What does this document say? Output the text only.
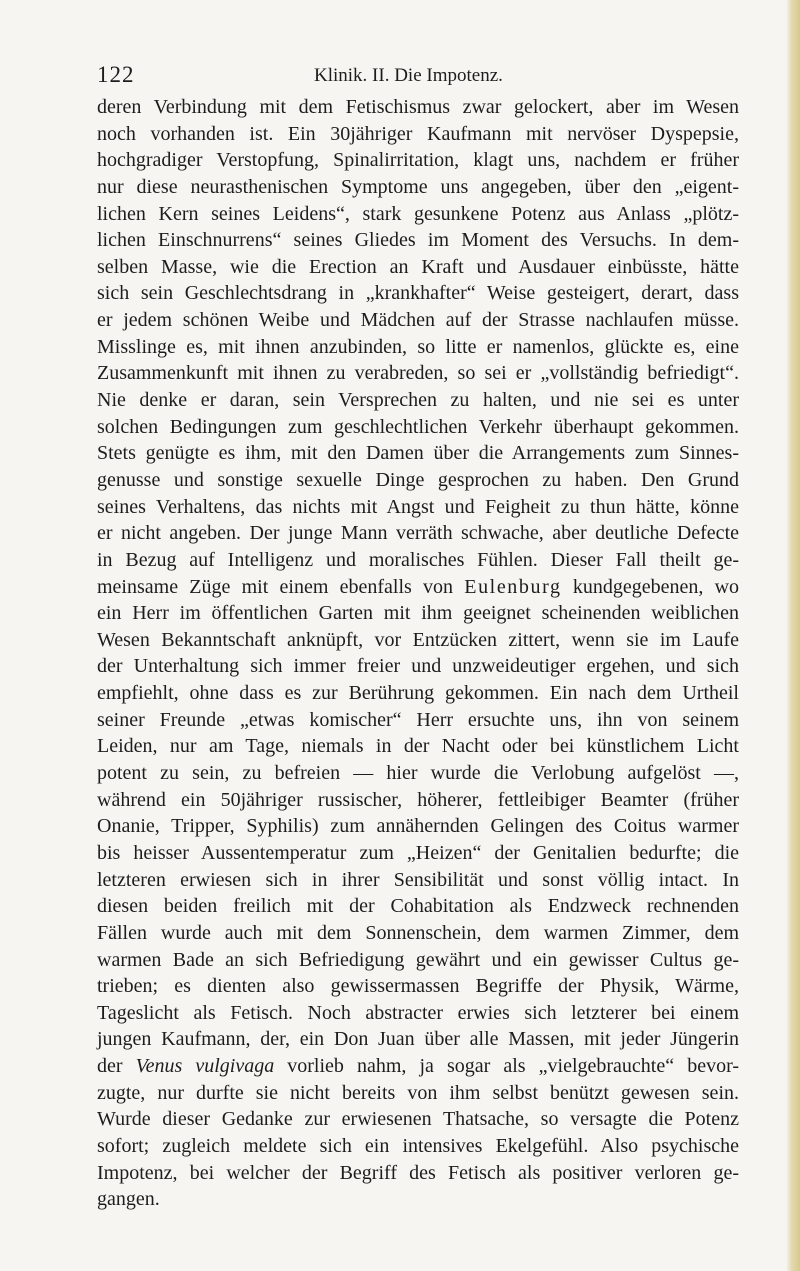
122	Klinik. II. Die Impotenz.
deren Verbindung mit dem Fetischismus zwar gelockert, aber im Wesen
noch vorhanden ist. Ein 30jähriger Kaufmann mit nervöser Dyspepsie,
hochgradiger Verstopfung, Spinalirritation, klagt uns, nachdem er früher
nur diese neurasthenischen Symptome uns angegeben, über den „eigent-
lichen Kern seines Leidens“, stark gesunkene Potenz aus Anlass „plötz-
lichen Einschnurrens“ seines Gliedes im Moment des Versuchs. In dem-
selben Masse, wie die Erection an Kraft und Ausdauer einbüsste, hätte
sich sein Geschlechtsdrang in „krankhafter“ Weise gesteigert, derart, dass
er jedem schönen Weibe und Mädchen auf der Strasse nachlaufen müsse.
Misslinge es, mit ihnen anzubinden, so litte er namenlos, glückte es, eine
Zusammenkunft mit ihnen zu verabreden, so sei er „vollständig befriedigt“.
Nie denke er daran, sein Versprechen zu halten, und nie sei es unter
solchen Bedingungen zum geschlechtlichen Verkehr überhaupt gekommen.
Stets genügte es ihm, mit den Damen über die Arrangements zum Sinnes-
genusse und sonstige sexuelle Dinge gesprochen zu haben. Den Grund
seines Verhaltens, das nichts mit Angst und Feigheit zu thun hätte, könne
er nicht angeben. Der junge Mann verräth schwache, aber deutliche Defecte
in Bezug auf Intelligenz und moralisches Fühlen. Dieser Fall theilt ge-
meinsame Züge mit einem ebenfalls von Eulenburg kundgegebenen, wo
ein Herr im öffentlichen Garten mit ihm geeignet scheinenden weiblichen
Wesen Bekanntschaft anknüpft, vor Entzücken zittert, wenn sie im Laufe
der Unterhaltung sich immer freier und unzweideutiger ergehen, und sich
empfiehlt, ohne dass es zur Berührung gekommen. Ein nach dem Urtheil
seiner Freunde „etwas komischer“ Herr ersuchte uns, ihn von seinem
Leiden, nur am Tage, niemals in der Nacht oder bei künstlichem Licht
potent zu sein, zu befreien — hier wurde die Verlobung aufgelöst —,
während ein 50jähriger russischer, höherer, fettleibiger Beamter (früher
Onanie, Tripper, Syphilis) zum annähernden Gelingen des Coitus warmer
bis heisser Aussentemperatur zum „Heizen“ der Genitalien bedurfte; die
letzteren erwiesen sich in ihrer Sensibilität und sonst völlig intact. In
diesen beiden freilich mit der Cohabitation als Endzweck rechnenden
Fällen wurde auch mit dem Sonnenschein, dem warmen Zimmer, dem
warmen Bade an sich Befriedigung gewährt und ein gewisser Cultus ge-
trieben; es dienten also gewissermassen Begriffe der Physik, Wärme,
Tageslicht als Fetisch. Noch abstracter erwies sich letzterer bei einem
jungen Kaufmann, der, ein Don Juan über alle Massen, mit jeder Jüngerin
der Venus vulgivaga vorlieb nahm, ja sogar als „vielgebrauchte“ bevor-
zugte, nur durfte sie nicht bereits von ihm selbst benützt gewesen sein.
Wurde dieser Gedanke zur erwiesenen Thatsache, so versagte die Potenz
sofort; zugleich meldete sich ein intensives Ekelgefühl. Also psychische
Impotenz, bei welcher der Begriff des Fetisch als positiver verloren ge-
gangen.
